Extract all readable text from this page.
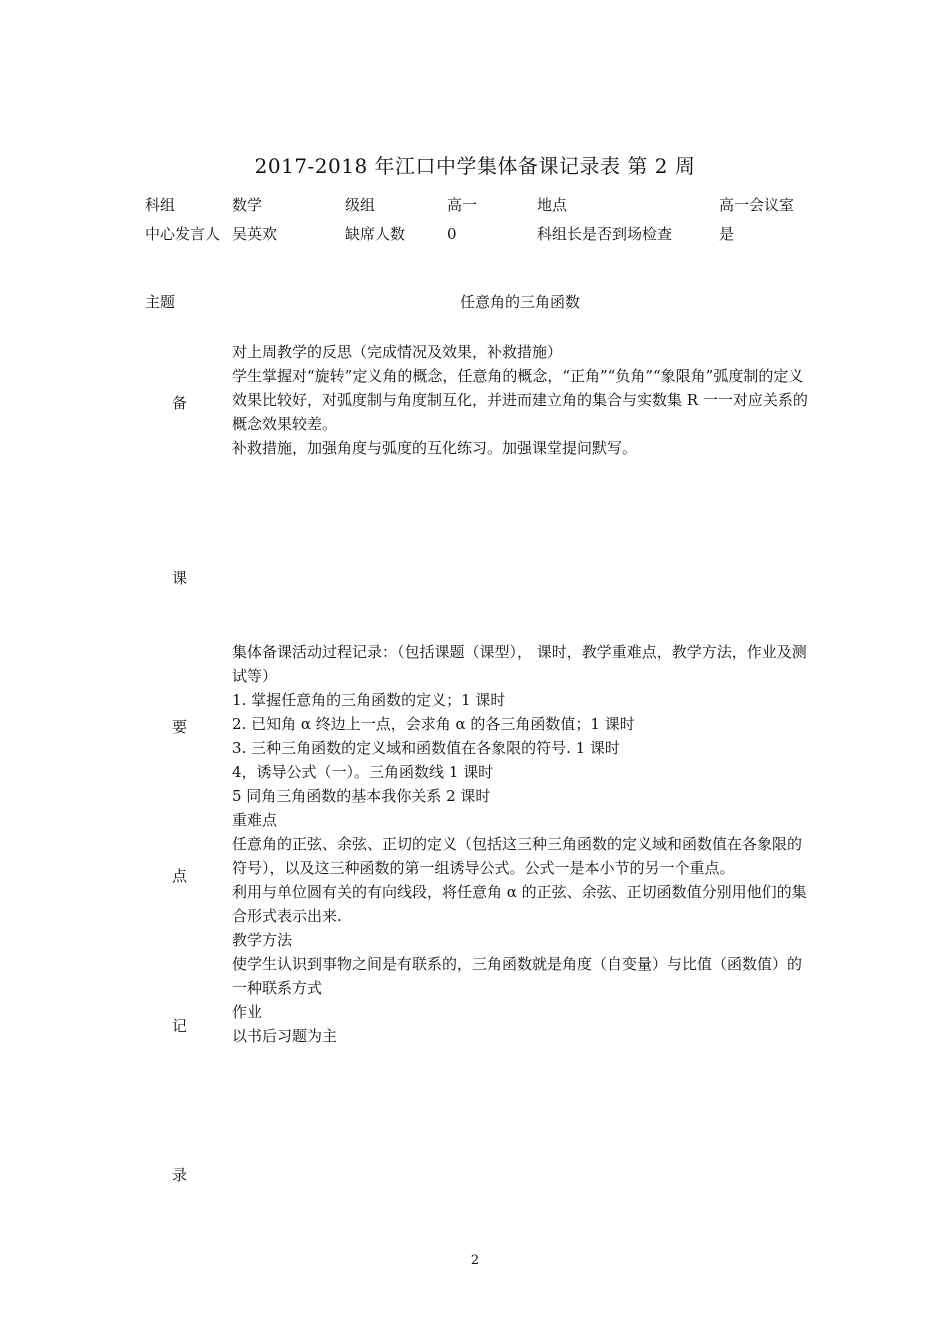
2017-2018 年江口中学集体备课记录表 第 2 周
科组	数学	级组	高一	地点	高一会议室
中心发言人 吴英欢	缺席人数	0	科组长是否到场检查	是
主题	任意角的三角函数
备
课
要
点
记
录

对上周教学的反思（完成情况及效果，补救措施）

学生掌握对“旋转”定义角的概念，任意角的概念，“正角”“负角”“象限角”弧度制的定义效果比较好，对弧度制与角度制互化，并进而建立角的集合与实数集 R 一一对应关系的概念效果较差。

补救措施，加强角度与弧度的互化练习。加强课堂提问默写。

集体备课活动过程记录：（包括课题（课型）， 课时，教学重难点，教学方法，作业及测试等）

1. 掌握任意角的三角函数的定义；1 课时

2. 已知角 α 终边上一点，会求角 α 的各三角函数值；1 课时

3. 三种三角函数的定义域和函数值在各象限的符号. 1 课时

4，诱导公式（一）。三角函数线 1 课时

5 同角三角函数的基本我你关系 2 课时

重难点

任意角的正弦、余弦、正切的定义（包括这三种三角函数的定义域和函数值在各象限的符号），以及这三种函数的第一组诱导公式。公式一是本小节的另一个重点。

利用与单位圆有关的有向线段，将任意角 α 的正弦、余弦、正切函数值分别用他们的集合形式表示出来.

教学方法

使学生认识到事物之间是有联系的，三角函数就是角度（自变量）与比值（函数值）的一种联系方式

作业

以书后习题为主

2
